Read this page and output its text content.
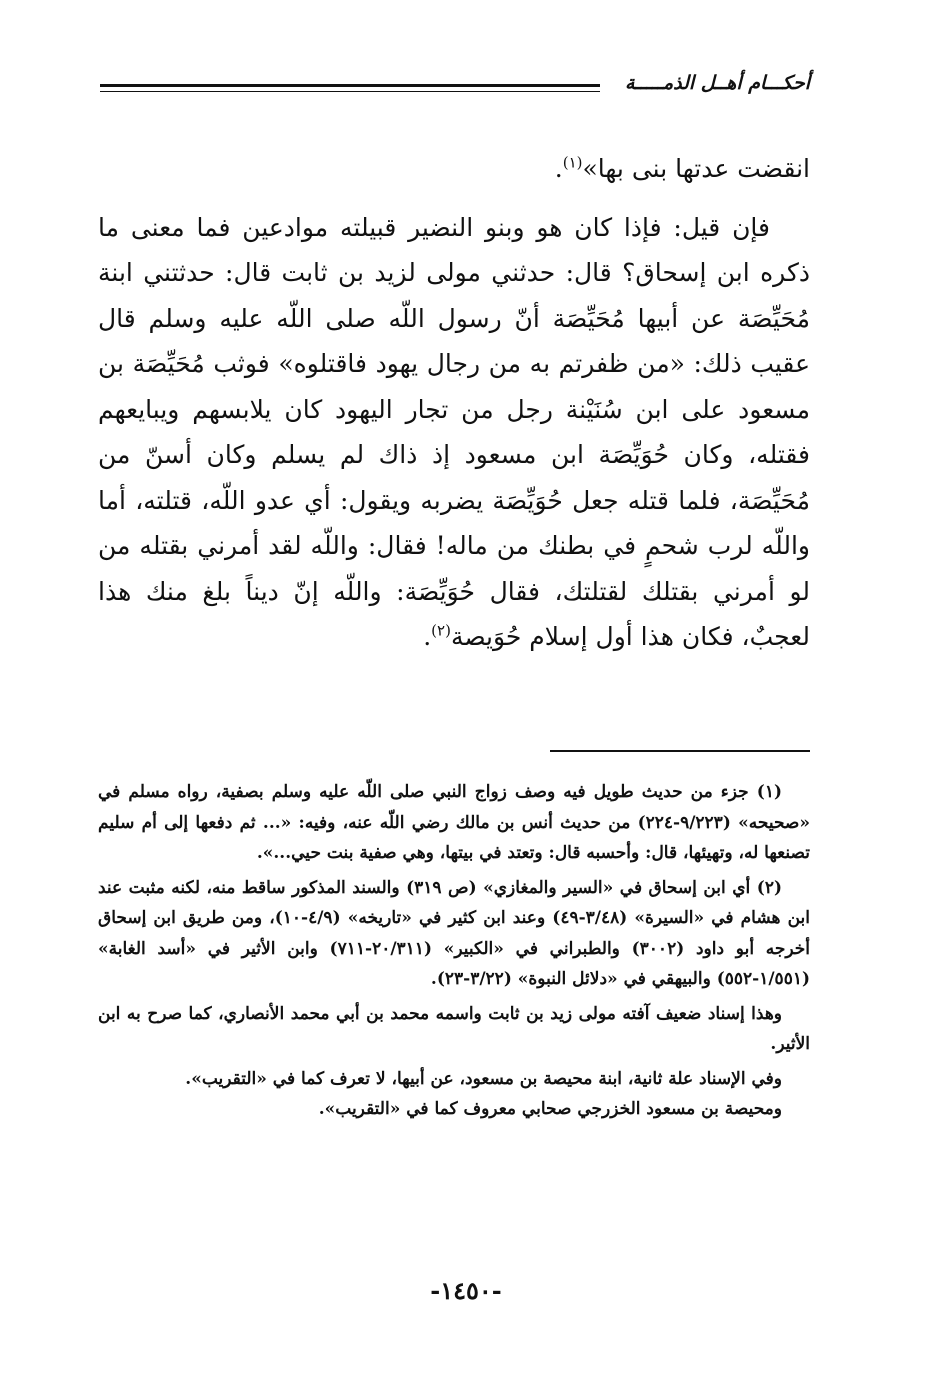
أحكـــام أهــل الذمـــــة

انقضت عدتها بنى بها»$^{(١)}$.

فإن قيل: فإذا كان هو وبنو النضير قبيلته موادعين فما معنى ما ذكره ابن إسحاق؟ قال: حدثني مولى لزيد بن ثابت قال: حدثتني ابنة مُحَيِّصَة عن أبيها مُحَيِّصَة أنّ رسول اللّه صلى اللّه عليه وسلم قال عقيب ذلك: «من ظفرتم به من رجال يهود فاقتلوه» فوثب مُحَيِّصَة بن مسعود على ابن سُنَيْنة رجل من تجار اليهود كان يلابسهم ويبايعهم فقتله، وكان حُوَيِّصَة ابن مسعود إذ ذاك لم يسلم وكان أسنّ من مُحَيِّصَة، فلما قتله جعل حُوَيِّصَة يضربه ويقول: أي عدو اللّه، قتلته، أما واللّه لرب شحمٍ في بطنك من ماله! فقال: واللّه لقد أمرني بقتله من لو أمرني بقتلك لقتلتك، فقال حُوَيِّصَة: واللّه إنّ ديناً بلغ منك هذا لعجبٌ، فكان هذا أول إسلام حُوَيصة$^{(٢)}$.

(١) جزء من حديث طويل فيه وصف زواج النبي صلى اللّه عليه وسلم بصفية، رواه مسلم في «صحيحه» (٩/٢٢٣-٢٢٤) من حديث أنس بن مالك رضي اللّه عنه، وفيه: «... ثم دفعها إلى أم سليم تصنعها له، وتهيئها، قال: وأحسبه قال: وتعتد في بيتها، وهي صفية بنت حيي...».

(٢) أي ابن إسحاق في «السير والمغازي» (ص ٣١٩) والسند المذكور ساقط منه، لكنه مثبت عند ابن هشام في «السيرة» (٣/٤٨-٤٩) وعند ابن كثير في «تاريخه» (٤/٩-١٠)، ومن طريق ابن إسحاق أخرجه أبو داود (٣٠٠٢) والطبراني في «الكبير» (٢٠/٣١١-٧١١) وابن الأثير في «أسد الغابة» (١/٥٥١-٥٥٢) والبيهقي في «دلائل النبوة» (٣/٢٢-٢٣).

وهذا إسناد ضعيف آفته مولى زيد بن ثابت واسمه محمد بن أبي محمد الأنصاري، كما صرح به ابن الأثير.

وفي الإسناد علة ثانية، ابنة محيصة بن مسعود، عن أبيها، لا تعرف كما في «التقريب».

ومحيصة بن مسعود الخزرجي صحابي معروف كما في «التقريب».

-١٤٥٠-
